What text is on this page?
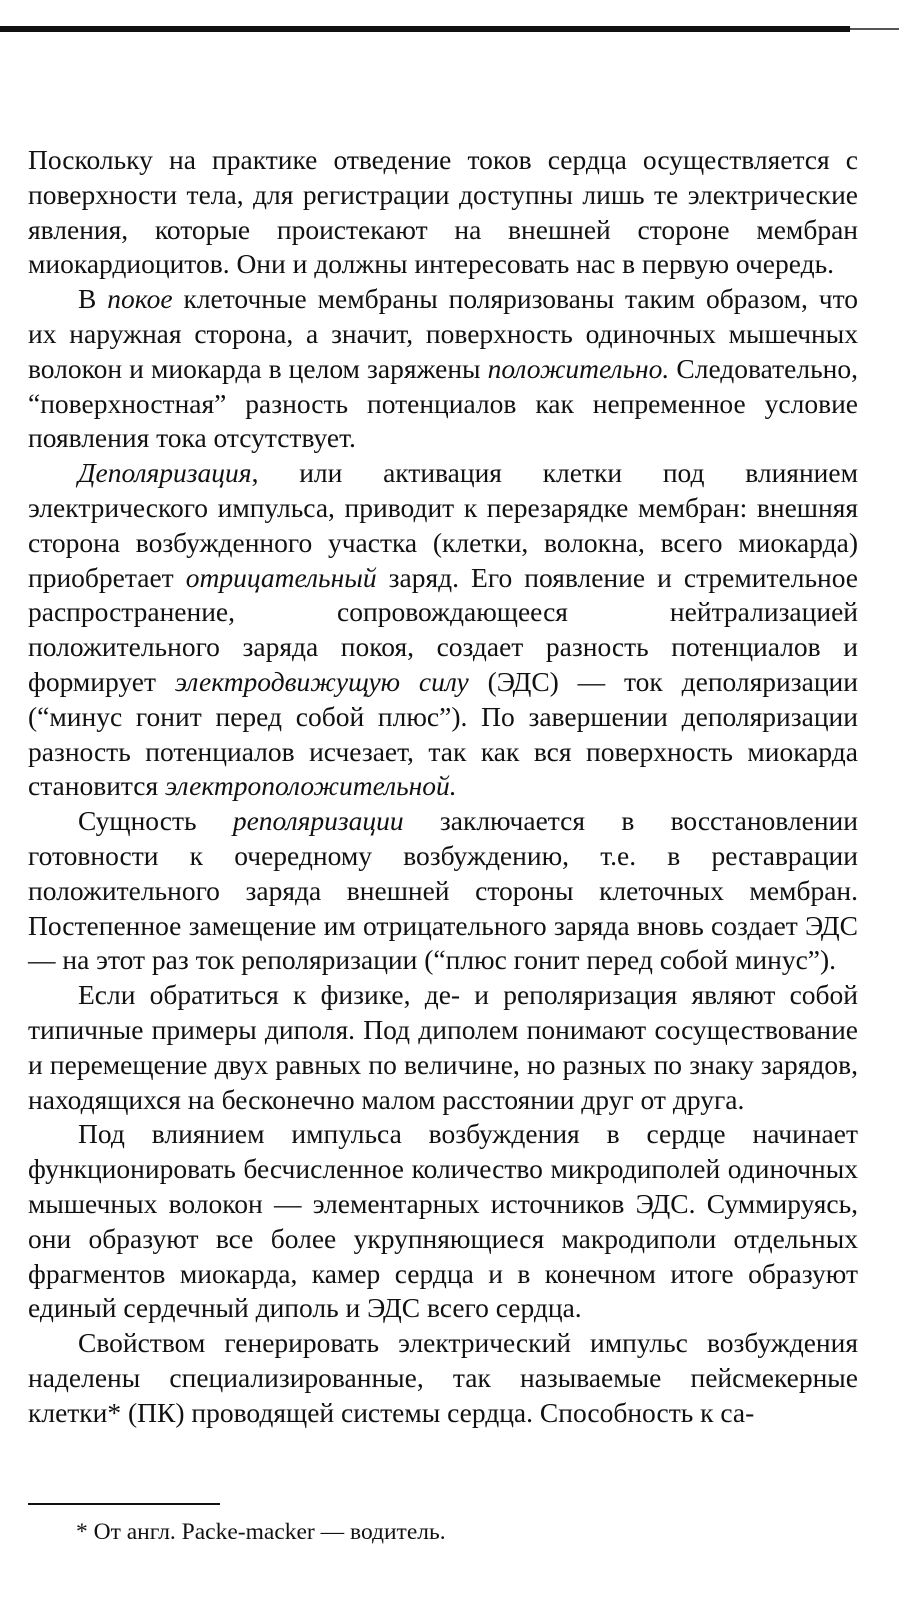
Поскольку на практике отведение токов сердца осуществляется с поверхности тела, для регистрации доступны лишь те электрические явления, которые проистекают на внешней стороне мембран миокардиоцитов. Они и должны интересовать нас в первую очередь.

В покое клеточные мембраны поляризованы таким образом, что их наружная сторона, а значит, поверхность одиночных мышечных волокон и миокарда в целом заряжены положительно. Следовательно, “поверхностная” разность потенциалов как непременное условие появления тока отсутствует.

Деполяризация, или активация клетки под влиянием электрического импульса, приводит к перезарядке мембран: внешняя сторона возбужденного участка (клетки, волокна, всего миокарда) приобретает отрицательный заряд. Его появление и стремительное распространение, сопровождающееся нейтрализацией положительного заряда покоя, создает разность потенциалов и формирует электродвижущую силу (ЭДС) — ток деполяризации (“минус гонит перед собой плюс”). По завершении деполяризации разность потенциалов исчезает, так как вся поверхность миокарда становится электроположительной.

Сущность реполяризации заключается в восстановлении готовности к очередному возбуждению, т.е. в реставрации положительного заряда внешней стороны клеточных мембран. Постепенное замещение им отрицательного заряда вновь создает ЭДС — на этот раз ток реполяризации (“плюс гонит перед собой минус”).

Если обратиться к физике, де- и реполяризация являют собой типичные примеры диполя. Под диполем понимают сосуществование и перемещение двух равных по величине, но разных по знаку зарядов, находящихся на бесконечно малом расстоянии друг от друга.

Под влиянием импульса возбуждения в сердце начинает функционировать бесчисленное количество микродиполей одиночных мышечных волокон — элементарных источников ЭДС. Суммируясь, они образуют все более укрупняющиеся макродиполи отдельных фрагментов миокарда, камер сердца и в конечном итоге образуют единый сердечный диполь и ЭДС всего сердца.

Свойством генерировать электрический импульс возбуждения наделены специализированные, так называемые пейсмекерные клетки* (ПК) проводящей системы сердца. Способность к са-

* От англ. Packe-macker — водитель.
